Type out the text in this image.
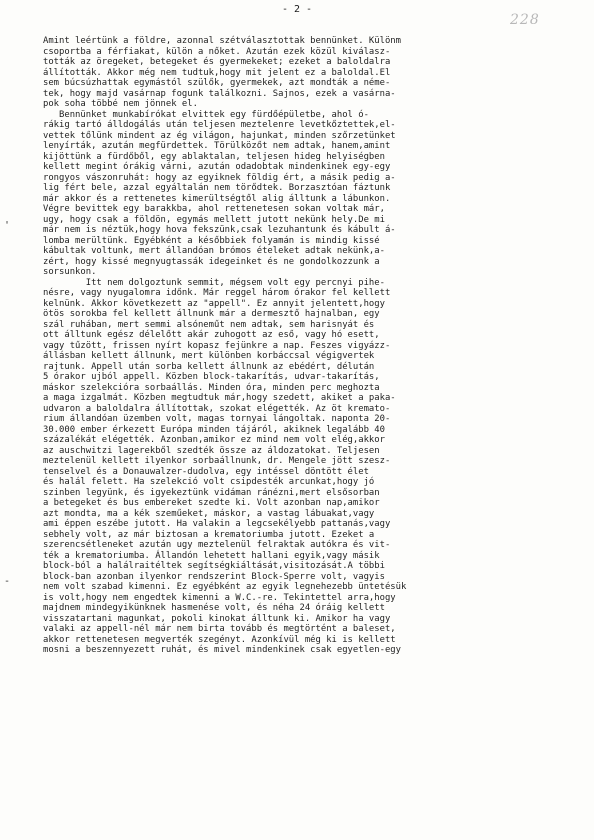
- 2 -
228
'
-
Amint leértünk a földre, azonnal szétválasztottak bennünket. Különm
csoportba a férfiakat, külön a nőket. Azután ezek közül kiválasz-
tották az öregeket, betegeket és gyermekeket; ezeket a baloldalra
állították. Akkor még nem tudtuk,hogy mit jelent ez a baloldal.El
sem búcsúzhattak egymástól szülők, gyermekek, azt mondták a néme-
tek, hogy majd vasárnap fogunk találkozni. Sajnos, ezek a vasárna-
pok soha többé nem jönnek el.
Bennünket munkabírókat elvittek egy fürdőépületbe, ahol ó-
rákig tartó álldogálás után teljesen meztelenre levetkőztettek,el-
vettek tőlünk mindent az ég világon, hajunkat, minden szőrzetünket
lenyírták, azután megfürdettek. Törülközőt nem adtak, hanem,amint
kijöttünk a fürdőből, egy ablaktalan, teljesen hideg helyiségben
kellett megint órákig várni, azután odadobtak mindenkinek egy-egy
rongyos vászonruhát: hogy az egyiknek földig ért, a másik pedig a-
lig fért bele, azzal egyáltalán nem törődtek. Borzasztóan fáztunk
már akkor és a rettenetes kimerültségtől alig álltunk a lábunkon.
Végre bevittek egy barakkba, ahol rettenetesen sokan voltak már,
ugy, hogy csak a földön, egymás mellett jutott nekünk hely.De mi
már nem is néztük,hogy hova fekszünk,csak lezuhantunk és kábult á-
lomba merültünk. Egyébként a későbbiek folyamán is mindig kissé
kábultak voltunk, mert állandóan brómos ételeket adtak nekünk,a-
zért, hogy kissé megnyugtassák idegeinket és ne gondolkozzunk a
sorsunkon.
Itt nem dolgoztunk semmit, mégsem volt egy percnyi pihe-
nésre, vagy nyugalomra időnk. Már reggel három órakor fel kellett
kelnünk. Akkor következett az "appell". Ez annyit jelentett,hogy
ötös sorokba fel kellett állnunk már a dermesztő hajnalban, egy
szál ruhában, mert semmi alsóneműt nem adtak, sem harisnyát és
ott álltunk egész délelőtt akár zuhogott az eső, vagy hó esett,
vagy tűzött, frissen nyírt kopasz fejünkre a nap. Feszes vigyázz-
állásban kellett állnunk, mert különben korbáccsal végigvertek
rajtunk. Appell után sorba kellett állnunk az ebédért, délután
5 órakor ujból appell. Közben block-takarítás, udvar-takarítás,
máskor szelekcióra sorbaállás. Minden óra, minden perc meghozta
a maga izgalmát. Közben megtudtuk már,hogy szedett, akiket a paka-
udvaron a baloldalra állítottak, szokat elégették. Az öt kremato-
rium állandóan üzemben volt, magas tornyai lángoltak. naponta 20-
30.000 ember érkezett Európa minden tájáról, akiknek legalább 40
százalékát elégették. Azonban,amikor ez mind nem volt elég,akkor
az auschwitzi lagerekből szedték össze az áldozatokat. Teljesen
meztelenül kellett ilyenkor sorbaállnunk, dr. Mengele jött szesz-
tenselvel és a Donauwalzer-dudolva, egy intéssel döntött élet
és halál felett. Ha szelekció volt csipdesték arcunkat,hogy jó
szinben legyünk, és igyekeztünk vidáman ránézni,mert elsősorban
a betegeket és bus embereket szedte ki. Volt azonban nap,amikor
azt mondta, ma a kék szeműeket, máskor, a vastag lábuakat,vagy
ami éppen eszébe jutott. Ha valakin a legcsekélyebb pattanás,vagy
sebhely volt, az már biztosan a krematoriumba jutott. Ezeket a
szerencsétleneket azután ugy meztelenül felraktak autókra és vit-
ték a krematoriumba. Állandón lehetett hallani egyik,vagy másik
block-ból a halálraitéltek segítségkiáltását,visitozását.A többi
block-ban azonban ilyenkor rendszerint Block-Sperre volt, vagyis
nem volt szabad kimenni. Ez egyébként az egyik legnehezebb üntetésük
is volt,hogy nem engedtek kimenni a W.C.-re. Tekintettel arra,hogy
majdnem mindegyikünknek hasmenése volt, és néha 24 óráig kellett
visszatartani magunkat, pokoli kinokat álltunk ki. Amikor ha vagy
valaki az appell-nél már nem birta tovább és megtörtént a baleset,
akkor rettenetesen megverték szegényt. Azonkívül még ki is kellett
mosni a beszennyezett ruhát, és mivel mindenkinek csak egyetlen-egy
